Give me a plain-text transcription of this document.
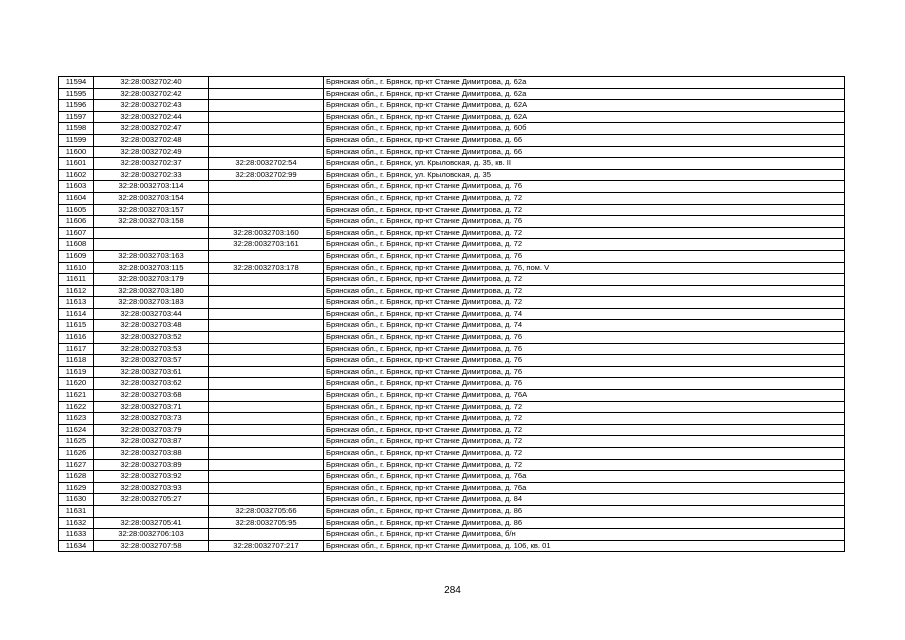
11594	32:28:0032702:40		Брянская обл., г. Брянск, пр-кт Станке Димитрова, д. 62а
11595	32:28:0032702:42		Брянская обл., г. Брянск, пр-кт Станке Димитрова, д. 62а
11596	32:28:0032702:43		Брянская обл., г. Брянск, пр-кт Станке Димитрова, д. 62А
11597	32:28:0032702:44		Брянская обл., г. Брянск, пр-кт Станке Димитрова, д. 62А
11598	32:28:0032702:47		Брянская обл., г. Брянск, пр-кт Станке Димитрова, д. 60б
11599	32:28:0032702:48		Брянская обл., г. Брянск, пр-кт Станке Димитрова, д. 66
11600	32:28:0032702:49		Брянская обл., г. Брянск, пр-кт Станке Димитрова, д. 66
11601	32:28:0032702:37	32:28:0032702:54	Брянская обл., г. Брянск, ул. Крыловская, д. 35, кв. II
11602	32:28:0032702:33	32:28:0032702:99	Брянская обл., г. Брянск, ул. Крыловская, д. 35
11603	32:28:0032703:114		Брянская обл., г. Брянск, пр-кт Станке Димитрова, д. 76
11604	32:28:0032703:154		Брянская обл., г. Брянск, пр-кт Станке Димитрова, д. 72
11605	32:28:0032703:157		Брянская обл., г. Брянск, пр-кт Станке Димитрова, д. 72
11606	32:28:0032703:158		Брянская обл., г. Брянск, пр-кт Станке Димитрова, д. 76
11607		32:28:0032703:160	Брянская обл., г. Брянск, пр-кт Станке Димитрова, д. 72
11608		32:28:0032703:161	Брянская обл., г. Брянск, пр-кт Станке Димитрова, д. 72
11609	32:28:0032703:163		Брянская обл., г. Брянск, пр-кт Станке Димитрова, д. 76
11610	32:28:0032703:115	32:28:0032703:178	Брянская обл., г. Брянск, пр-кт Станке Димитрова, д. 76, пом. V
11611	32:28:0032703:179		Брянская обл., г. Брянск, пр-кт Станке Димитрова, д. 72
11612	32:28:0032703:180		Брянская обл., г. Брянск, пр-кт Станке Димитрова, д. 72
11613	32:28:0032703:183		Брянская обл., г. Брянск, пр-кт Станке Димитрова, д. 72
11614	32:28:0032703:44		Брянская обл., г. Брянск, пр-кт Станке Димитрова, д. 74
11615	32:28:0032703:48		Брянская обл., г. Брянск, пр-кт Станке Димитрова, д. 74
11616	32:28:0032703:52		Брянская обл., г. Брянск, пр-кт Станке Димитрова, д. 76
11617	32:28:0032703:53		Брянская обл., г. Брянск, пр-кт Станке Димитрова, д. 76
11618	32:28:0032703:57		Брянская обл., г. Брянск, пр-кт Станке Димитрова, д. 76
11619	32:28:0032703:61		Брянская обл., г. Брянск, пр-кт Станке Димитрова, д. 76
11620	32:28:0032703:62		Брянская обл., г. Брянск, пр-кт Станке Димитрова, д. 76
11621	32:28:0032703:68		Брянская обл., г. Брянск, пр-кт Станке Димитрова, д. 76А
11622	32:28:0032703:71		Брянская обл., г. Брянск, пр-кт Станке Димитрова, д. 72
11623	32:28:0032703:73		Брянская обл., г. Брянск, пр-кт Станке Димитрова, д. 72
11624	32:28:0032703:79		Брянская обл., г. Брянск, пр-кт Станке Димитрова, д. 72
11625	32:28:0032703:87		Брянская обл., г. Брянск, пр-кт Станке Димитрова, д. 72
11626	32:28:0032703:88		Брянская обл., г. Брянск, пр-кт Станке Димитрова, д. 72
11627	32:28:0032703:89		Брянская обл., г. Брянск, пр-кт Станке Димитрова, д. 72
11628	32:28:0032703:92		Брянская обл., г. Брянск, пр-кт Станке Димитрова, д. 76а
11629	32:28:0032703:93		Брянская обл., г. Брянск, пр-кт Станке Димитрова, д. 76а
11630	32:28:0032705:27		Брянская обл., г. Брянск, пр-кт Станке Димитрова, д. 84
11631		32:28:0032705:66	Брянская обл., г. Брянск, пр-кт Станке Димитрова, д. 86
11632	32:28:0032705:41	32:28:0032705:95	Брянская обл., г. Брянск, пр-кт Станке Димитрова, д. 86
11633	32:28:0032706:103		Брянская обл., г. Брянск, пр-кт Станке Димитрова, б/н
11634	32:28:0032707:58	32:28:0032707:217	Брянская обл., г. Брянск, пр-кт Станке Димитрова, д. 106, кв. 01
284
